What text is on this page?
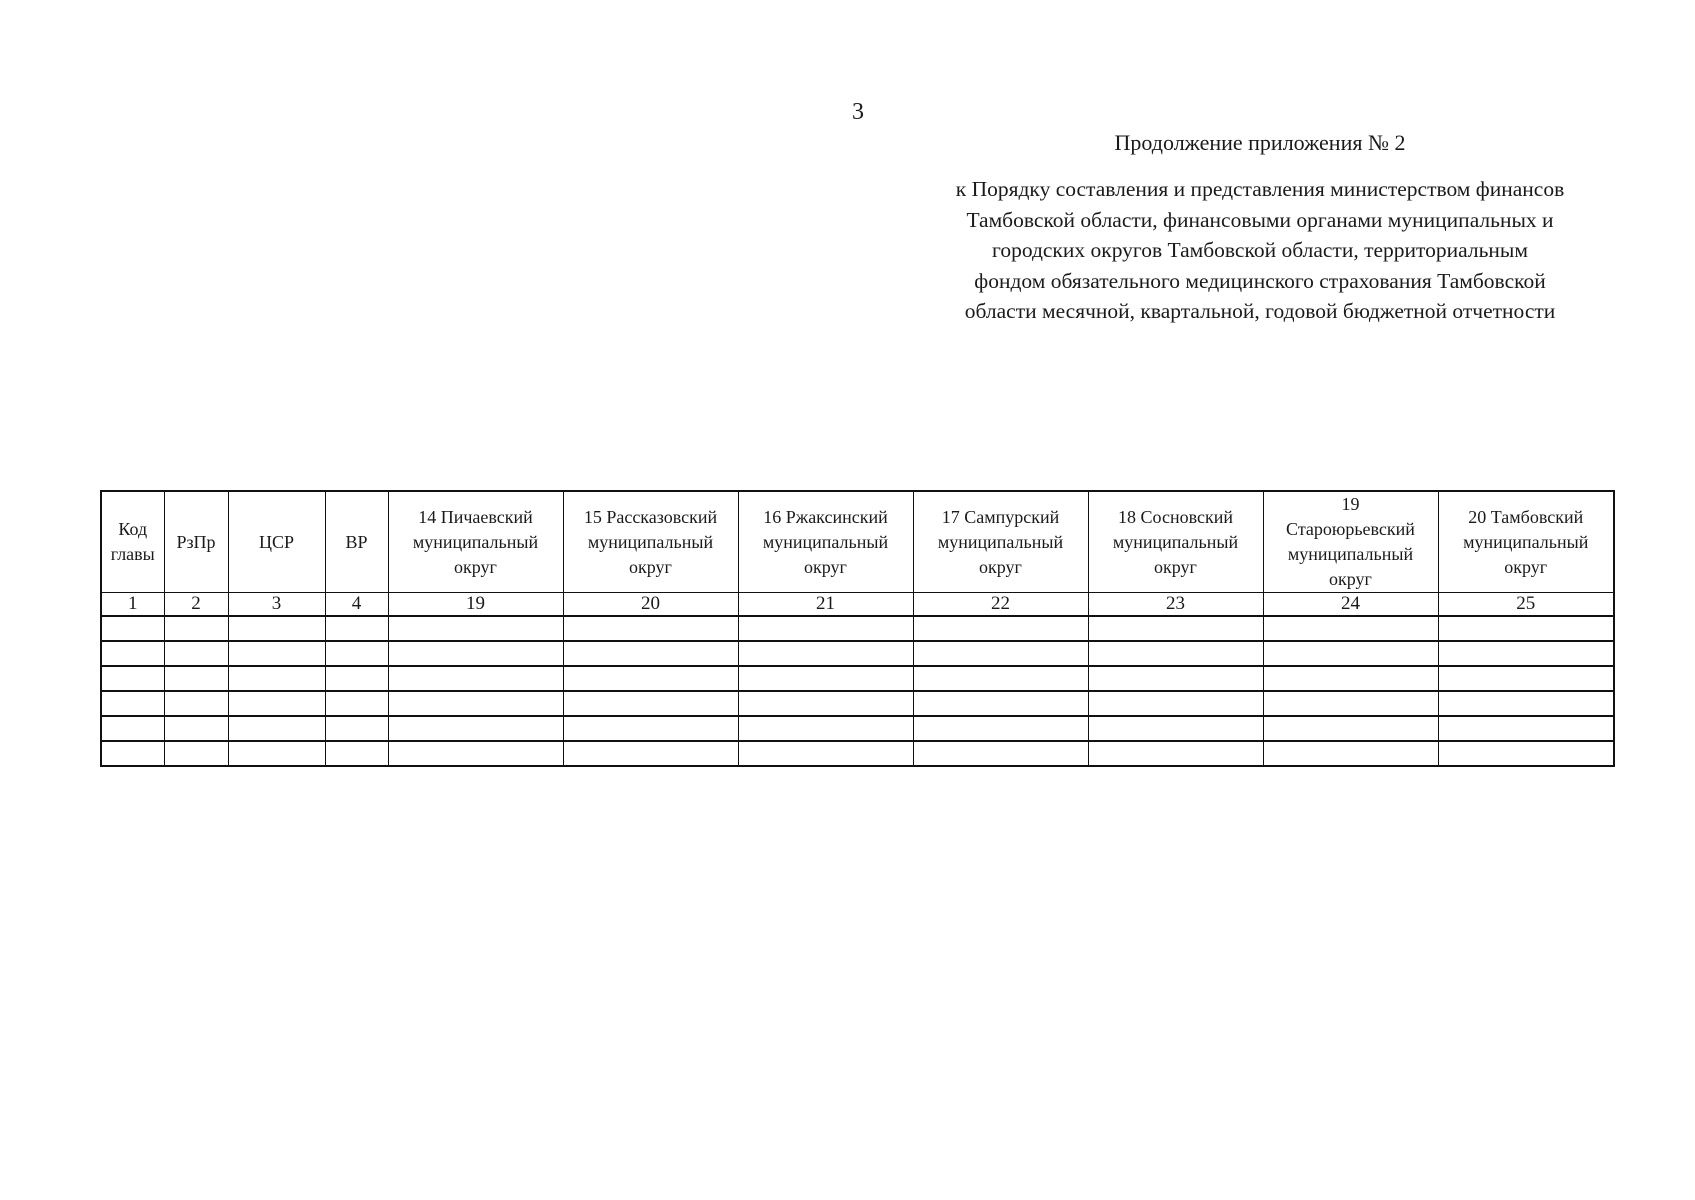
3
Продолжение приложения № 2
к Порядку составления и представления министерством финансов
Тамбовской области, финансовыми органами муниципальных и
городских округов Тамбовской области, территориальным
фондом обязательного медицинского страхования Тамбовской
области месячной, квартальной, годовой бюджетной отчетности
Код
главы	РзПр	ЦСР	ВР	14 Пичаевский
муниципальный
округ	15 Рассказовский
муниципальный
округ	16 Ржаксинский
муниципальный
округ	17 Сампурский
муниципальный
округ	18 Сосновский
муниципальный
округ	19
Староюрьевский
муниципальный
округ	20 Тамбовский
муниципальный
округ

1	2	3	4	19	20	21	22	23	24	25
